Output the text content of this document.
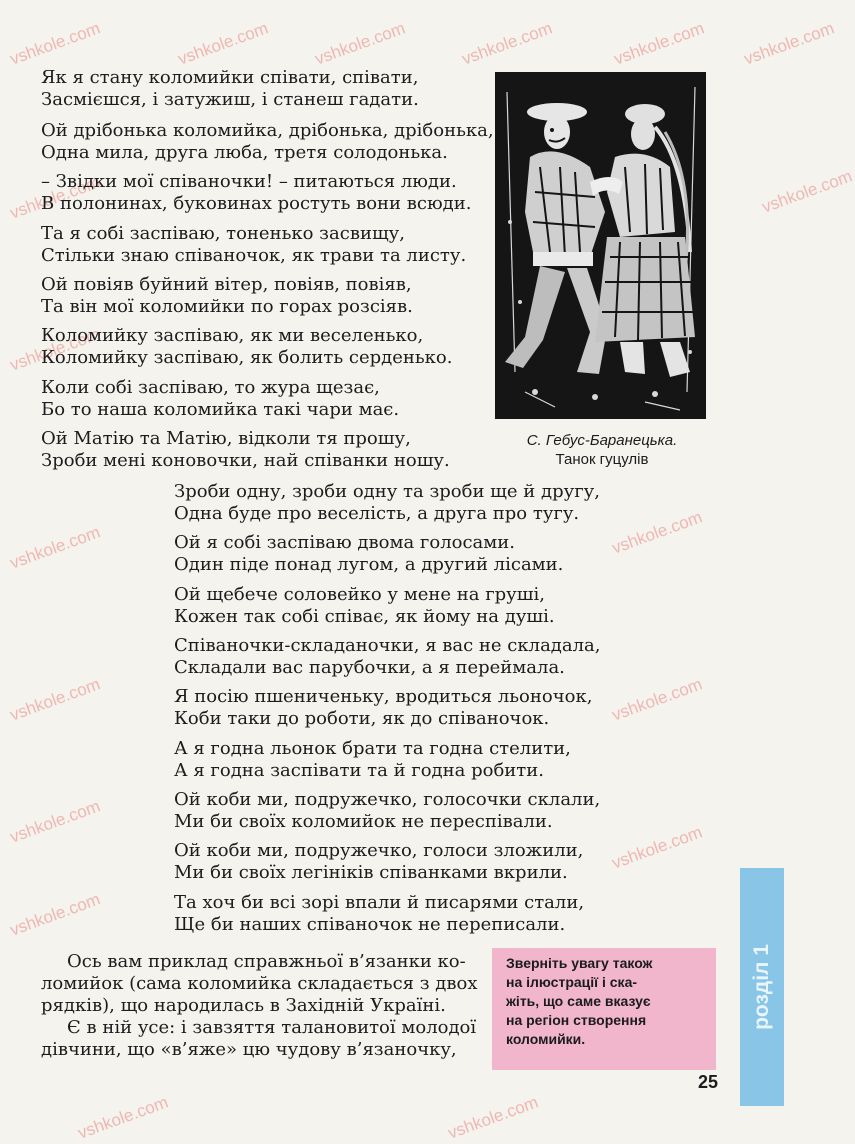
vshkole.com	vshkole.com vshkole.com	vshkole.com	vshkole.com vshkole.com
vshkole.com	vshkole.com
vshkole.com
vshkole.com	vshkole.com
vshkole.com	vshkole.com
vshkole.com
vshkole.com
vshkole.com
vshkole.com	vshkole.com
Як я стану коломийки співати, співати,
Засмієшся, і затужиш, і станеш гадати.
Ой дрібонька коломийка, дрібонька, дрібонька,
Одна мила, друга люба, третя солодонька.
– Звідки мої співаночки! – питаються люди.
В полонинах, буковинах ростуть вони всюди.
Та я собі заспіваю, тоненько засвищу,
Стільки знаю співаночок, як трави та листу.
Ой повіяв буйний вітер, повіяв, повіяв,
Та він мої коломийки по горах розсіяв.
Коломийку заспіваю, як ми веселенько,
Коломийку заспіваю, як болить серденько.
Коли собі заспіваю, то жура щезає,
Бо то наша коломийка такі чари має.
Ой Матію та Матію, відколи тя прошу,
Зроби мені коновочки, най співанки ношу.
С. Гебус-Баранецька.
Танок гуцулів
Зроби одну, зроби одну та зроби ще й другу,
Одна буде про веселість, а друга про тугу.
Ой я собі заспіваю двома голосами.
Один піде понад лугом, а другий лісами.
Ой щебече соловейко у мене на груші,
Кожен так собі співає, як йому на душі.
Співаночки-складаночки, я вас не складала,
Складали вас парубочки, а я переймала.
Я посію пшениченьку, вродиться льоночок,
Коби таки до роботи, як до співаночок.
А я годна льонок брати та годна стелити,
А я годна заспівати та й годна робити.
Ой коби ми, подружечко, голосочки склали,
Ми би своїх коломийок не переспівали.
Ой коби ми, подружечко, голоси зложили,
Ми би своїх легініків співанками вкрили.
Та хоч би всі зорі впали й писарями стали,
Ще би наших співаночок не переписали.
Ось вам приклад справжньої в’язанки ко-
ломийок (сама коломийка складається з двох
рядків), що народилась в Західній Україні.
Є в ній усе: і завзяття талановитої молодої
дівчини, що «в’яже» цю чудову в’язаночку,
Зверніть увагу також
на ілюстрації і ска-
жіть, що саме вказує
на регіон створення
коломийки.
розділ 1
25
